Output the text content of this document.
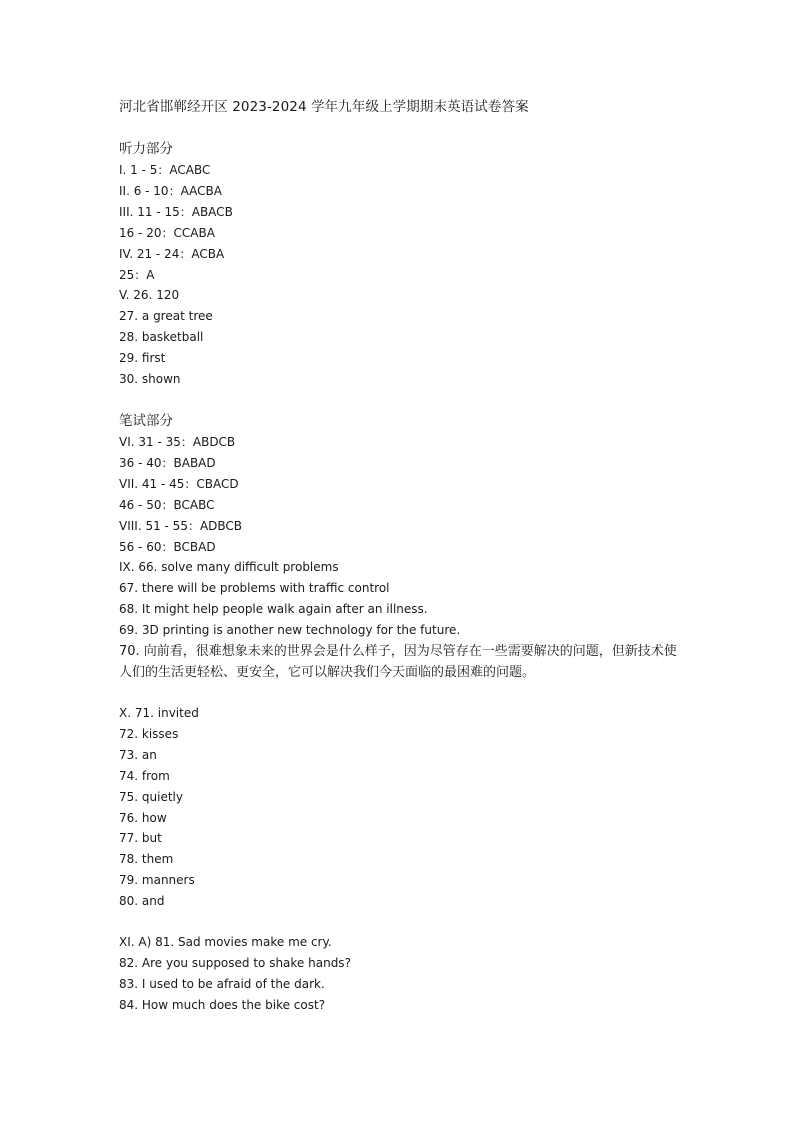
河北省邯郸经开区 2023-2024 学年九年级上学期期末英语试卷答案

听力部分

I. 1 - 5：ACABC

II. 6 - 10：AACBA

III. 11 - 15：ABACB

16 - 20：CCABA

IV. 21 - 24：ACBA

25：A

V. 26. 120

27. a great tree

28. basketball

29. first

30. shown

笔试部分

VI. 31 - 35：ABDCB

36 - 40：BABAD

VII. 41 - 45：CBACD

46 - 50：BCABC

VIII. 51 - 55：ADBCB

56 - 60：BCBAD

IX. 66. solve many difficult problems

67. there will be problems with traffic control

68. It might help people walk again after an illness.

69. 3D printing is another new technology for the future.

70. 向前看，很难想象未来的世界会是什么样子，因为尽管存在一些需要解决的问题，但新技术使人们的生活更轻松、更安全，它可以解决我们今天面临的最困难的问题。

X. 71. invited

72. kisses

73. an

74. from

75. quietly

76. how

77. but

78. them

79. manners

80. and

XI. A) 81. Sad movies make me cry.

82. Are you supposed to shake hands?

83. I used to be afraid of the dark.

84. How much does the bike cost?
